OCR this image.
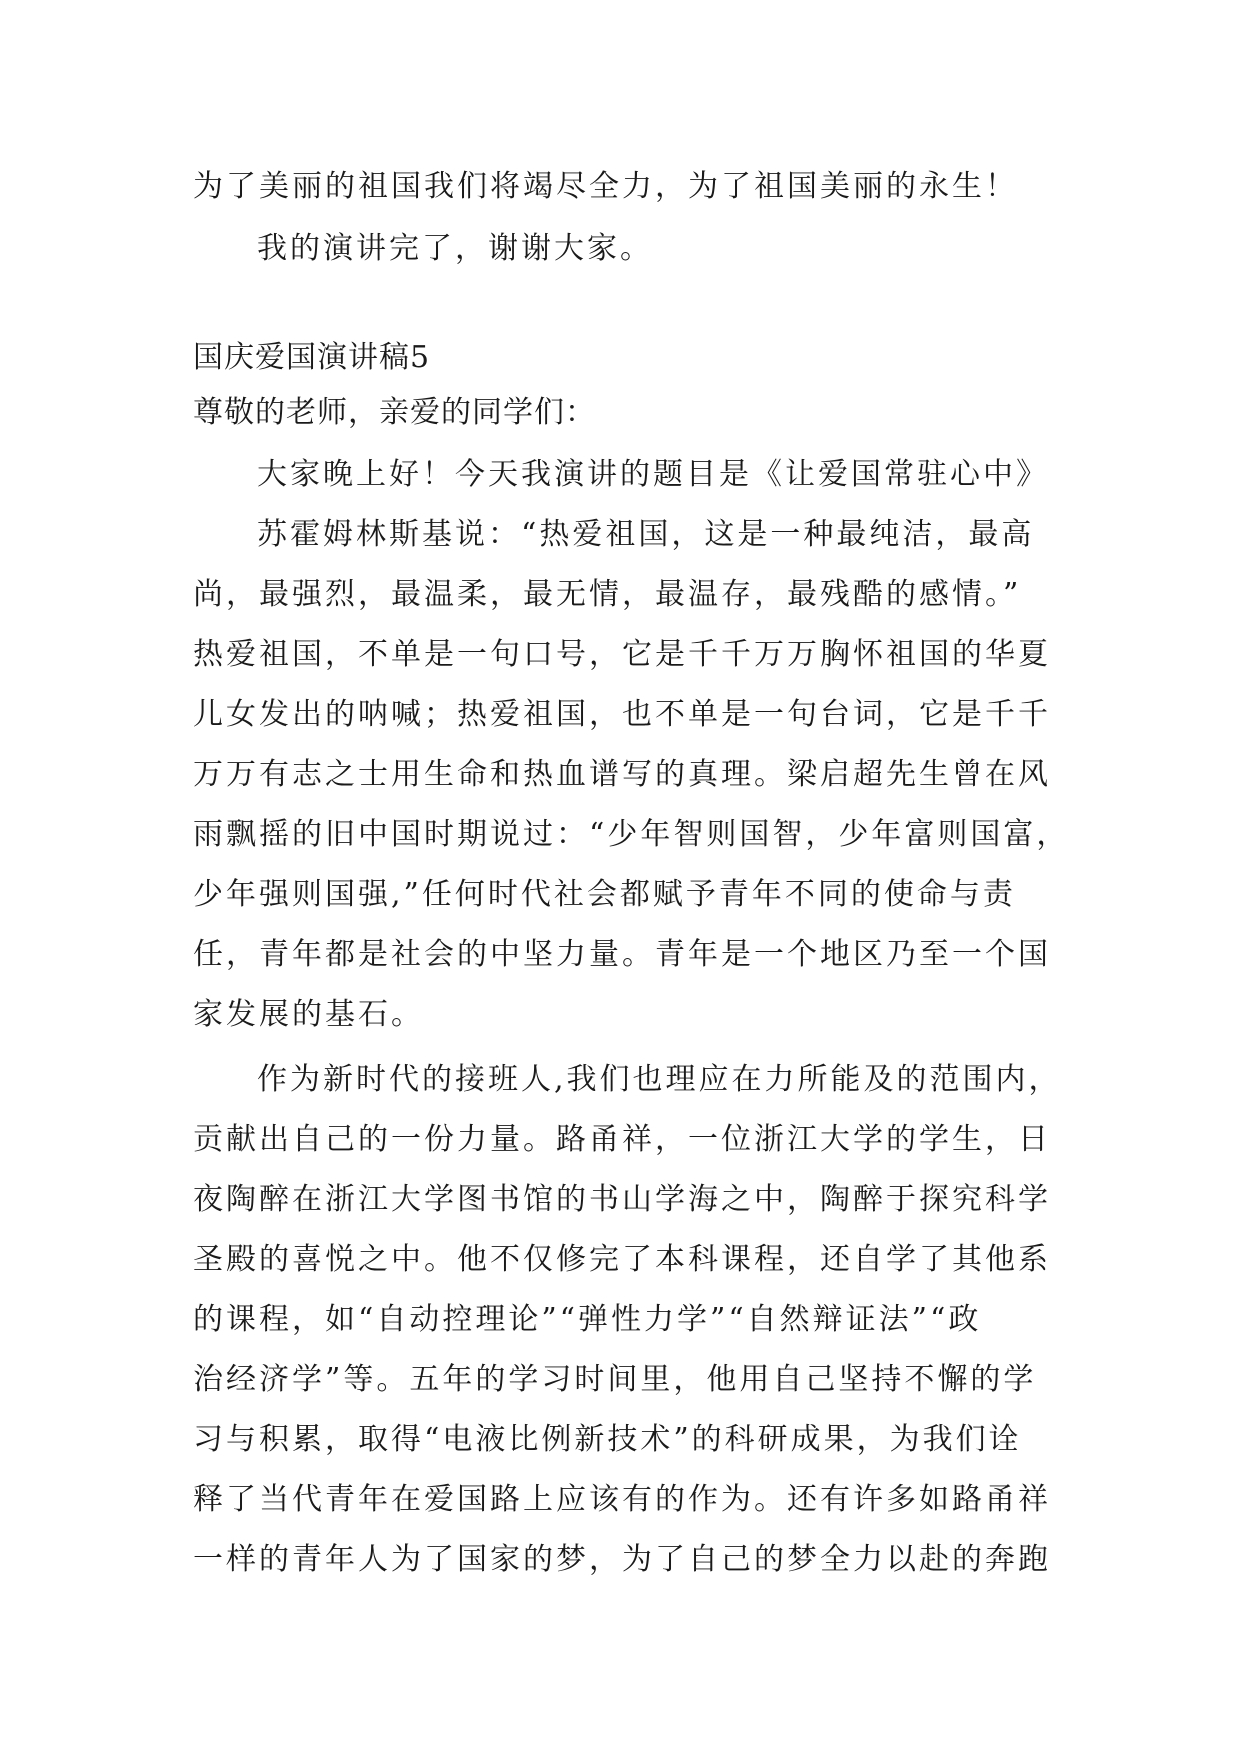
为了美丽的祖国我们将竭尽全力，为了祖国美丽的永生！
我的演讲完了，谢谢大家。
国庆爱国演讲稿5
尊敬的老师，亲爱的同学们：
大家晚上好！今天我演讲的题目是《让爱国常驻心中》
苏霍姆林斯基说：“热爱祖国，这是一种最纯洁，最高
尚，最强烈，最温柔，最无情，最温存，最残酷的感情。”
热爱祖国，不单是一句口号，它是千千万万胸怀祖国的华夏
儿女发出的呐喊；热爱祖国，也不单是一句台词，它是千千
万万有志之士用生命和热血谱写的真理。梁启超先生曾在风
雨飘摇的旧中国时期说过：“少年智则国智，少年富则国富，
少年强则国强,”任何时代社会都赋予青年不同的使命与责
任，青年都是社会的中坚力量。青年是一个地区乃至一个国
家发展的基石。
作为新时代的接班人,我们也理应在力所能及的范围内，
贡献出自己的一份力量。路甬祥，一位浙江大学的学生，日
夜陶醉在浙江大学图书馆的书山学海之中，陶醉于探究科学
圣殿的喜悦之中。他不仅修完了本科课程，还自学了其他系
的课程，如“自动控理论”“弹性力学”“自然辩证法”“政
治经济学”等。五年的学习时间里，他用自己坚持不懈的学
习与积累，取得“电液比例新技术”的科研成果，为我们诠
释了当代青年在爱国路上应该有的作为。还有许多如路甬祥
一样的青年人为了国家的梦，为了自己的梦全力以赴的奔跑
